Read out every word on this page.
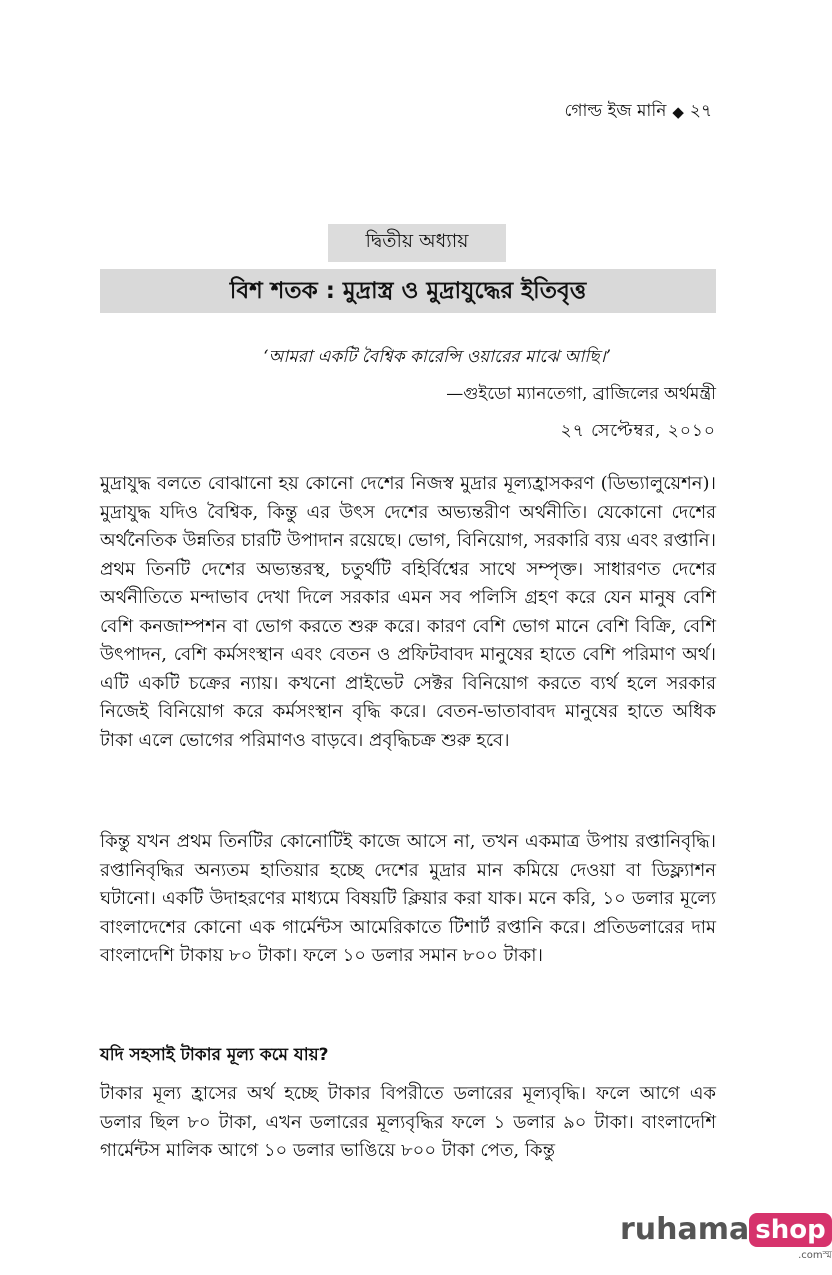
গোল্ড ইজ মানি ◆ ২৭
দ্বিতীয় অধ্যায়
বিশ শতক : মুদ্রাস্ত্র ও মুদ্রাযুদ্ধের ইতিবৃত্ত
‘আমরা একটি বৈশ্বিক কারেন্সি ওয়ারের মাঝে আছি।’
—গুইডো ম্যানতেগা, ব্রাজিলের অর্থমন্ত্রী
২৭ সেপ্টেম্বর, ২০১০

মুদ্রাযুদ্ধ বলতে বোঝানো হয় কোনো দেশের নিজস্ব মুদ্রার মূল্যহ্রাসকরণ (ডিভ্যালুয়েশন)। মুদ্রাযুদ্ধ যদিও বৈশ্বিক, কিন্তু এর উৎস দেশের অভ্যন্তরীণ অর্থনীতি। যেকোনো দেশের অর্থনৈতিক উন্নতির চারটি উপাদান রয়েছে। ভোগ, বিনিয়োগ, সরকারি ব্যয় এবং রপ্তানি। প্রথম তিনটি দেশের অভ্যন্তরস্থ, চতুর্থটি বহির্বিশ্বের সাথে সম্পৃক্ত। সাধারণত দেশের অর্থনীতিতে মন্দাভাব দেখা দিলে সরকার এমন সব পলিসি গ্রহণ করে যেন মানুষ বেশি বেশি কনজাম্পশন বা ভোগ করতে শুরু করে। কারণ বেশি ভোগ মানে বেশি বিক্রি, বেশি উৎপাদন, বেশি কর্মসংস্থান এবং বেতন ও প্রফিটবাবদ মানুষের হাতে বেশি পরিমাণ অর্থ। এটি একটি চক্রের ন্যায়। কখনো প্রাইভেট সেক্টর বিনিয়োগ করতে ব্যর্থ হলে সরকার নিজেই বিনিয়োগ করে কর্মসংস্থান বৃদ্ধি করে। বেতন-ভাতাবাবদ মানুষের হাতে অধিক টাকা এলে ভোগের পরিমাণও বাড়বে। প্রবৃদ্ধিচক্র শুরু হবে।

কিন্তু যখন প্রথম তিনটির কোনোটিই কাজে আসে না, তখন একমাত্র উপায় রপ্তানিবৃদ্ধি। রপ্তানিবৃদ্ধির অন্যতম হাতিয়ার হচ্ছে দেশের মুদ্রার মান কমিয়ে দেওয়া বা ডিফ্ল্যাশন ঘটানো। একটি উদাহরণের মাধ্যমে বিষয়টি ক্লিয়ার করা যাক। মনে করি, ১০ ডলার মূল্যে বাংলাদেশের কোনো এক গার্মেন্টস আমেরিকাতে টিশার্ট রপ্তানি করে। প্রতিডলারের দাম বাংলাদেশি টাকায় ৮০ টাকা। ফলে ১০ ডলার সমান ৮০০ টাকা।

যদি সহসাই টাকার মূল্য কমে যায়?

টাকার মূল্য হ্রাসের অর্থ হচ্ছে টাকার বিপরীতে ডলারের মূল্যবৃদ্ধি। ফলে আগে এক ডলার ছিল ৮০ টাকা, এখন ডলারের মূল্যবৃদ্ধির ফলে ১ ডলার ৯০ টাকা। বাংলাদেশি গার্মেন্টস মালিক আগে ১০ ডলার ভাঙিয়ে ৮০০ টাকা পেত, কিন্তু

ruhama shop
.comস্ম
